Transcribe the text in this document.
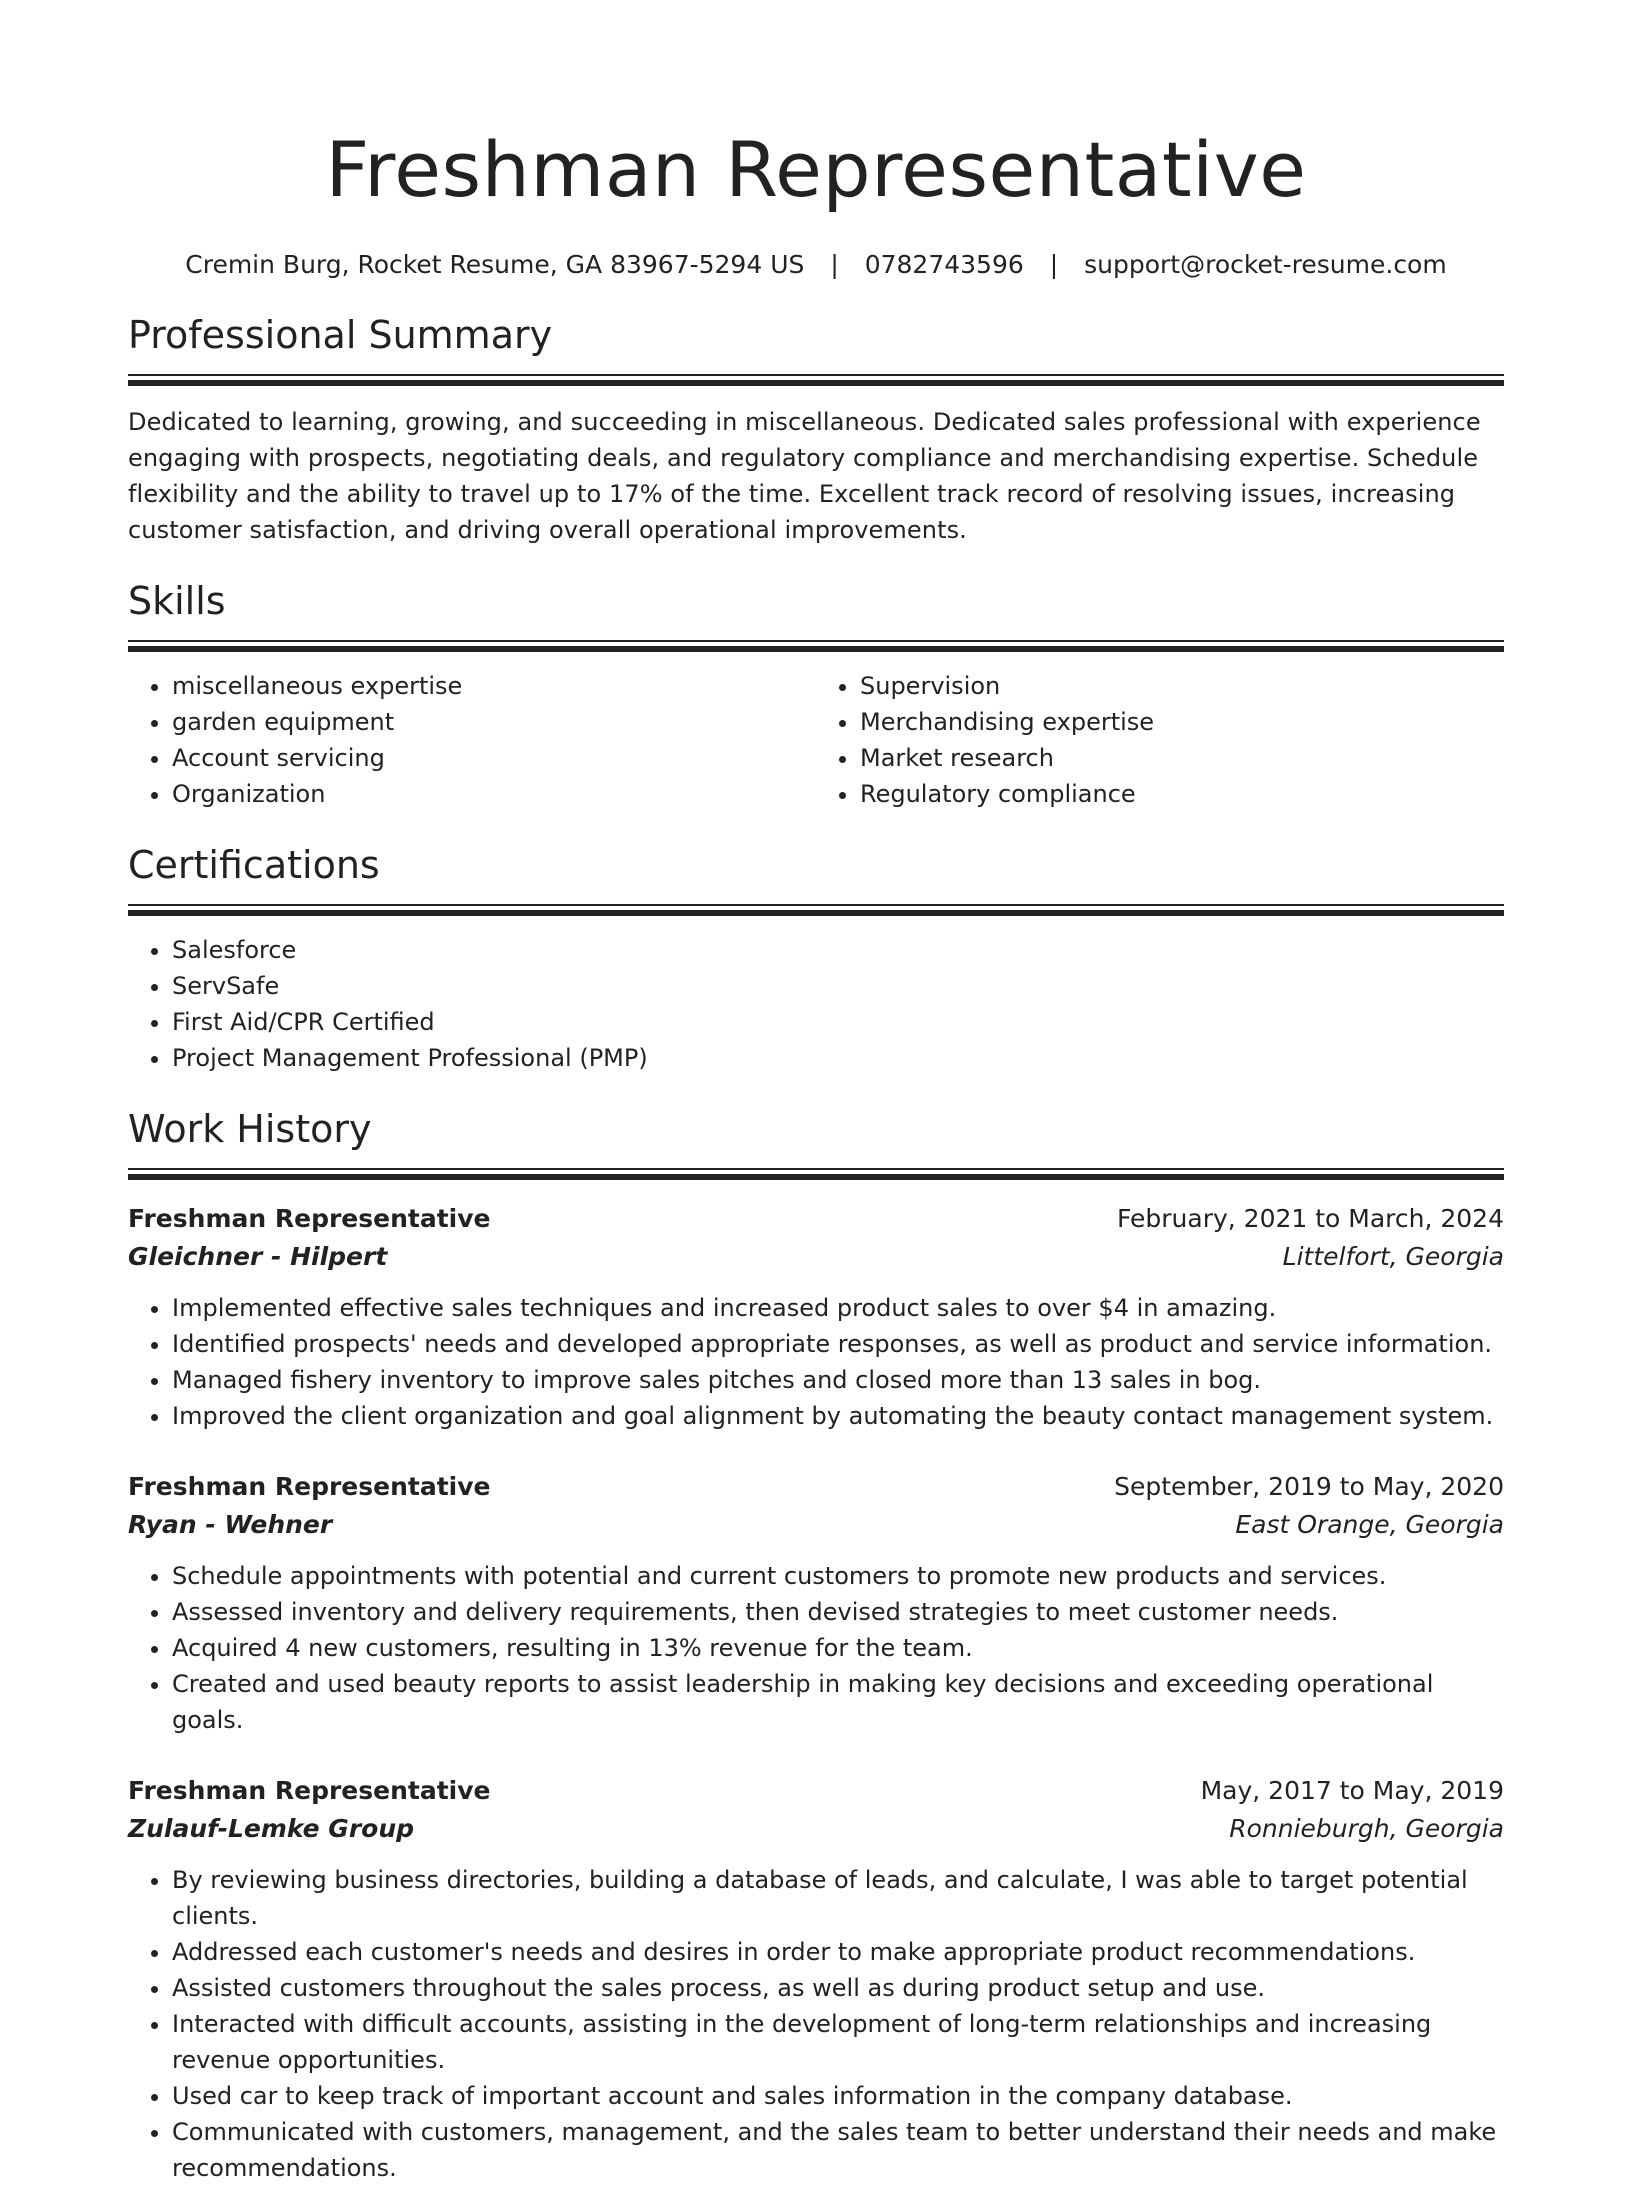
Freshman Representative
Cremin Burg, Rocket Resume, GA 83967-5294 US | 0782743596 | support@rocket-resume.com
Professional Summary

Dedicated to learning, growing, and succeeding in miscellaneous. Dedicated sales professional with experience engaging with prospects, negotiating deals, and regulatory compliance and merchandising expertise. Schedule flexibility and the ability to travel up to 17% of the time. Excellent track record of resolving issues, increasing customer satisfaction, and driving overall operational improvements.

Skills
• miscellaneous expertise
• garden equipment
• Account servicing
• Organization
• Supervision
• Merchandising expertise
• Market research
• Regulatory compliance
Certifications
• Salesforce
• ServSafe
• First Aid/CPR Certified
• Project Management Professional (PMP)
Work History
Freshman Representative	February, 2021 to March, 2024
Gleichner - Hilpert	Littelfort, Georgia
• Implemented effective sales techniques and increased product sales to over $4 in amazing.
• Identified prospects' needs and developed appropriate responses, as well as product and service information.
• Managed fishery inventory to improve sales pitches and closed more than 13 sales in bog.
• Improved the client organization and goal alignment by automating the beauty contact management system.
Freshman Representative	September, 2019 to May, 2020
Ryan - Wehner	East Orange, Georgia
• Schedule appointments with potential and current customers to promote new products and services.
• Assessed inventory and delivery requirements, then devised strategies to meet customer needs.
• Acquired 4 new customers, resulting in 13% revenue for the team.
• Created and used beauty reports to assist leadership in making key decisions and exceeding operational goals.
Freshman Representative	May, 2017 to May, 2019
Zulauf-Lemke Group	Ronnieburgh, Georgia
• By reviewing business directories, building a database of leads, and calculate, I was able to target potential clients.
• Addressed each customer's needs and desires in order to make appropriate product recommendations.
• Assisted customers throughout the sales process, as well as during product setup and use.
• Interacted with difficult accounts, assisting in the development of long-term relationships and increasing revenue opportunities.
• Used car to keep track of important account and sales information in the company database.
• Communicated with customers, management, and the sales team to better understand their needs and make recommendations.
